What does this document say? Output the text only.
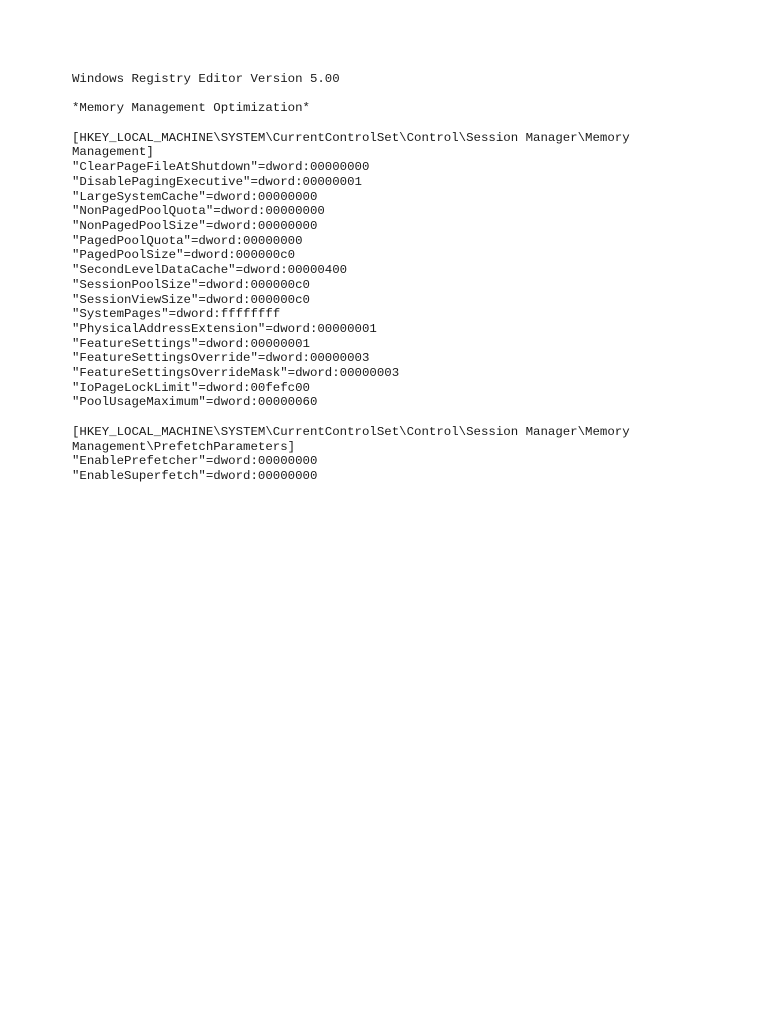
Windows Registry Editor Version 5.00
*Memory Management Optimization*
[HKEY_LOCAL_MACHINE\SYSTEM\CurrentControlSet\Control\Session Manager\Memory
Management]
"ClearPageFileAtShutdown"=dword:00000000
"DisablePagingExecutive"=dword:00000001
"LargeSystemCache"=dword:00000000
"NonPagedPoolQuota"=dword:00000000
"NonPagedPoolSize"=dword:00000000
"PagedPoolQuota"=dword:00000000
"PagedPoolSize"=dword:000000c0
"SecondLevelDataCache"=dword:00000400
"SessionPoolSize"=dword:000000c0
"SessionViewSize"=dword:000000c0
"SystemPages"=dword:ffffffff
"PhysicalAddressExtension"=dword:00000001
"FeatureSettings"=dword:00000001
"FeatureSettingsOverride"=dword:00000003
"FeatureSettingsOverrideMask"=dword:00000003
"IoPageLockLimit"=dword:00fefc00
"PoolUsageMaximum"=dword:00000060
[HKEY_LOCAL_MACHINE\SYSTEM\CurrentControlSet\Control\Session Manager\Memory
Management\PrefetchParameters]
"EnablePrefetcher"=dword:00000000
"EnableSuperfetch"=dword:00000000
